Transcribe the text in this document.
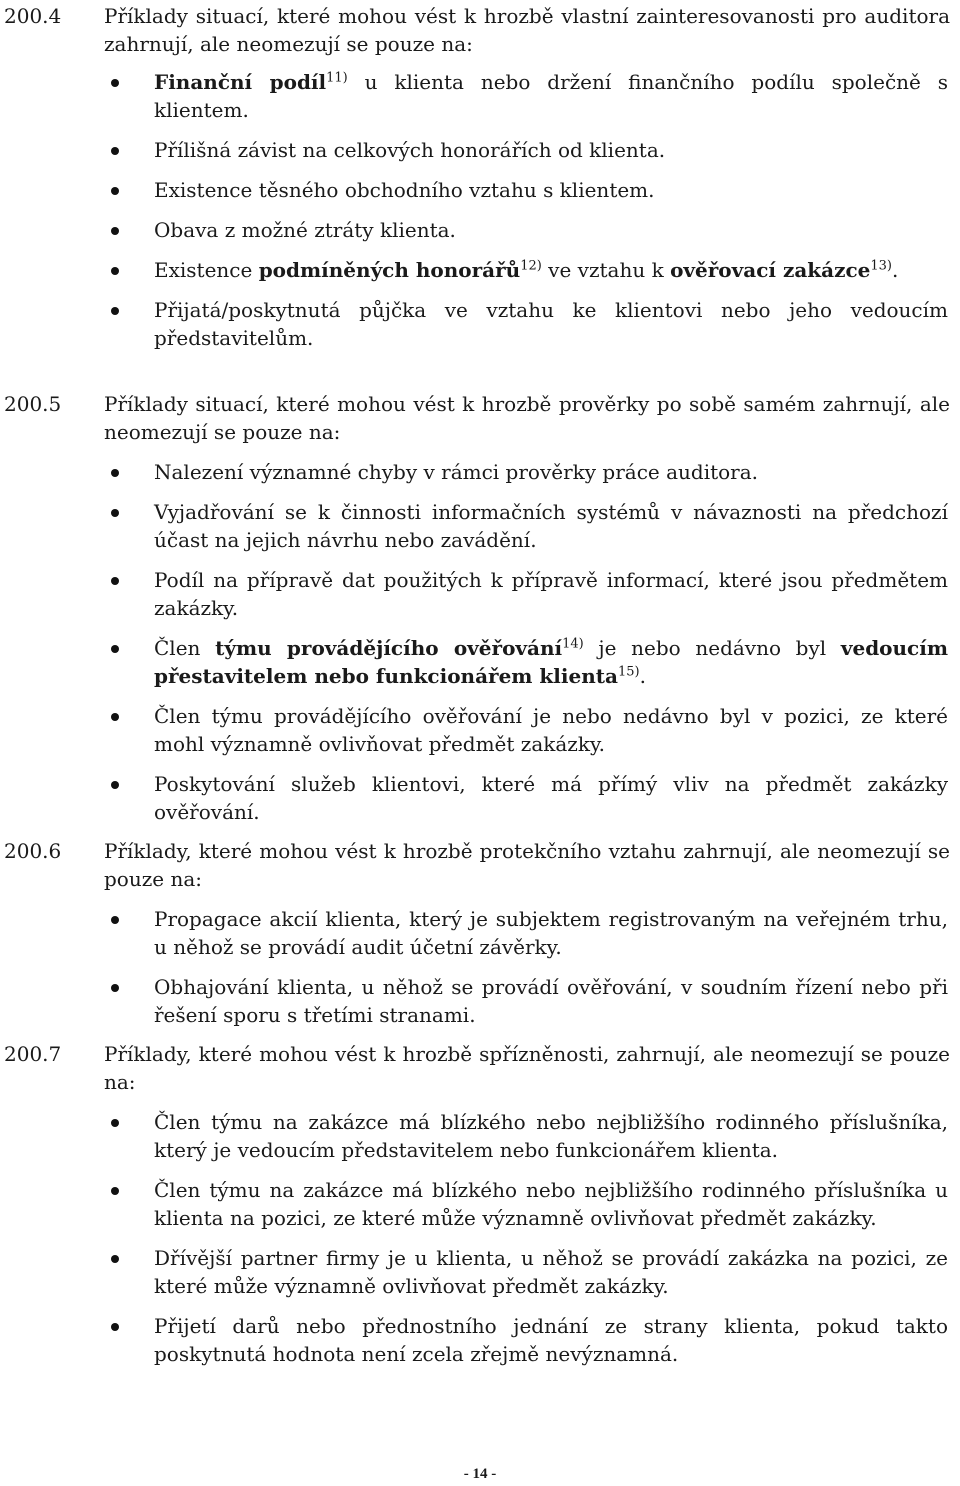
200.4	Příklady situací, které mohou vést k hrozbě vlastní zainteresovanosti pro auditora zahrnují, ale neomezují se pouze na:
Finanční podíl$^{11)}$ u klienta nebo držení finančního podílu společně s klientem.
Přílišná závist na celkových honorářích od klienta.
Existence těsného obchodního vztahu s klientem.
Obava z možné ztráty klienta.
Existence podmíněných honorářů$^{12)}$ ve vztahu k ověřovací zakázce$^{13)}$.
Přijatá/poskytnutá půjčka ve vztahu ke klientovi nebo jeho vedoucím představitelům.
200.5	Příklady situací, které mohou vést k hrozbě prověrky po sobě samém zahrnují, ale neomezují se pouze na:
Nalezení významné chyby v rámci prověrky práce auditora.
Vyjadřování se k činnosti informačních systémů v návaznosti na předchozí účast na jejich návrhu nebo zavádění.
Podíl na přípravě dat použitých k přípravě informací, které jsou předmětem zakázky.
Člen týmu provádějícího ověřování$^{14)}$ je nebo nedávno byl vedoucím přestavitelem nebo funkcionářem klienta$^{15)}$.
Člen týmu provádějícího ověřování je nebo nedávno byl v pozici, ze které mohl významně ovlivňovat předmět zakázky.
Poskytování služeb klientovi, které má přímý vliv na předmět zakázky ověřování.
200.6	Příklady, které mohou vést k hrozbě protekčního vztahu zahrnují, ale neomezují se pouze na:
Propagace akcií klienta, který je subjektem registrovaným na veřejném trhu, u něhož se provádí audit účetní závěrky.
Obhajování klienta, u něhož se provádí ověřování, v soudním řízení nebo při řešení sporu s třetími stranami.
200.7	Příklady, které mohou vést k hrozbě spřízněnosti, zahrnují, ale neomezují se pouze na:
Člen týmu na zakázce má blízkého nebo nejbližšího rodinného příslušníka, který je vedoucím představitelem nebo funkcionářem klienta.
Člen týmu na zakázce má blízkého nebo nejbližšího rodinného příslušníka u klienta na pozici, ze které může významně ovlivňovat předmět zakázky.
Dřívější partner firmy je u klienta, u něhož se provádí zakázka na pozici, ze které může významně ovlivňovat předmět zakázky.
Přijetí darů nebo přednostního jednání ze strany klienta, pokud takto poskytnutá hodnota není zcela zřejmě nevýznamná.
- 14 -
